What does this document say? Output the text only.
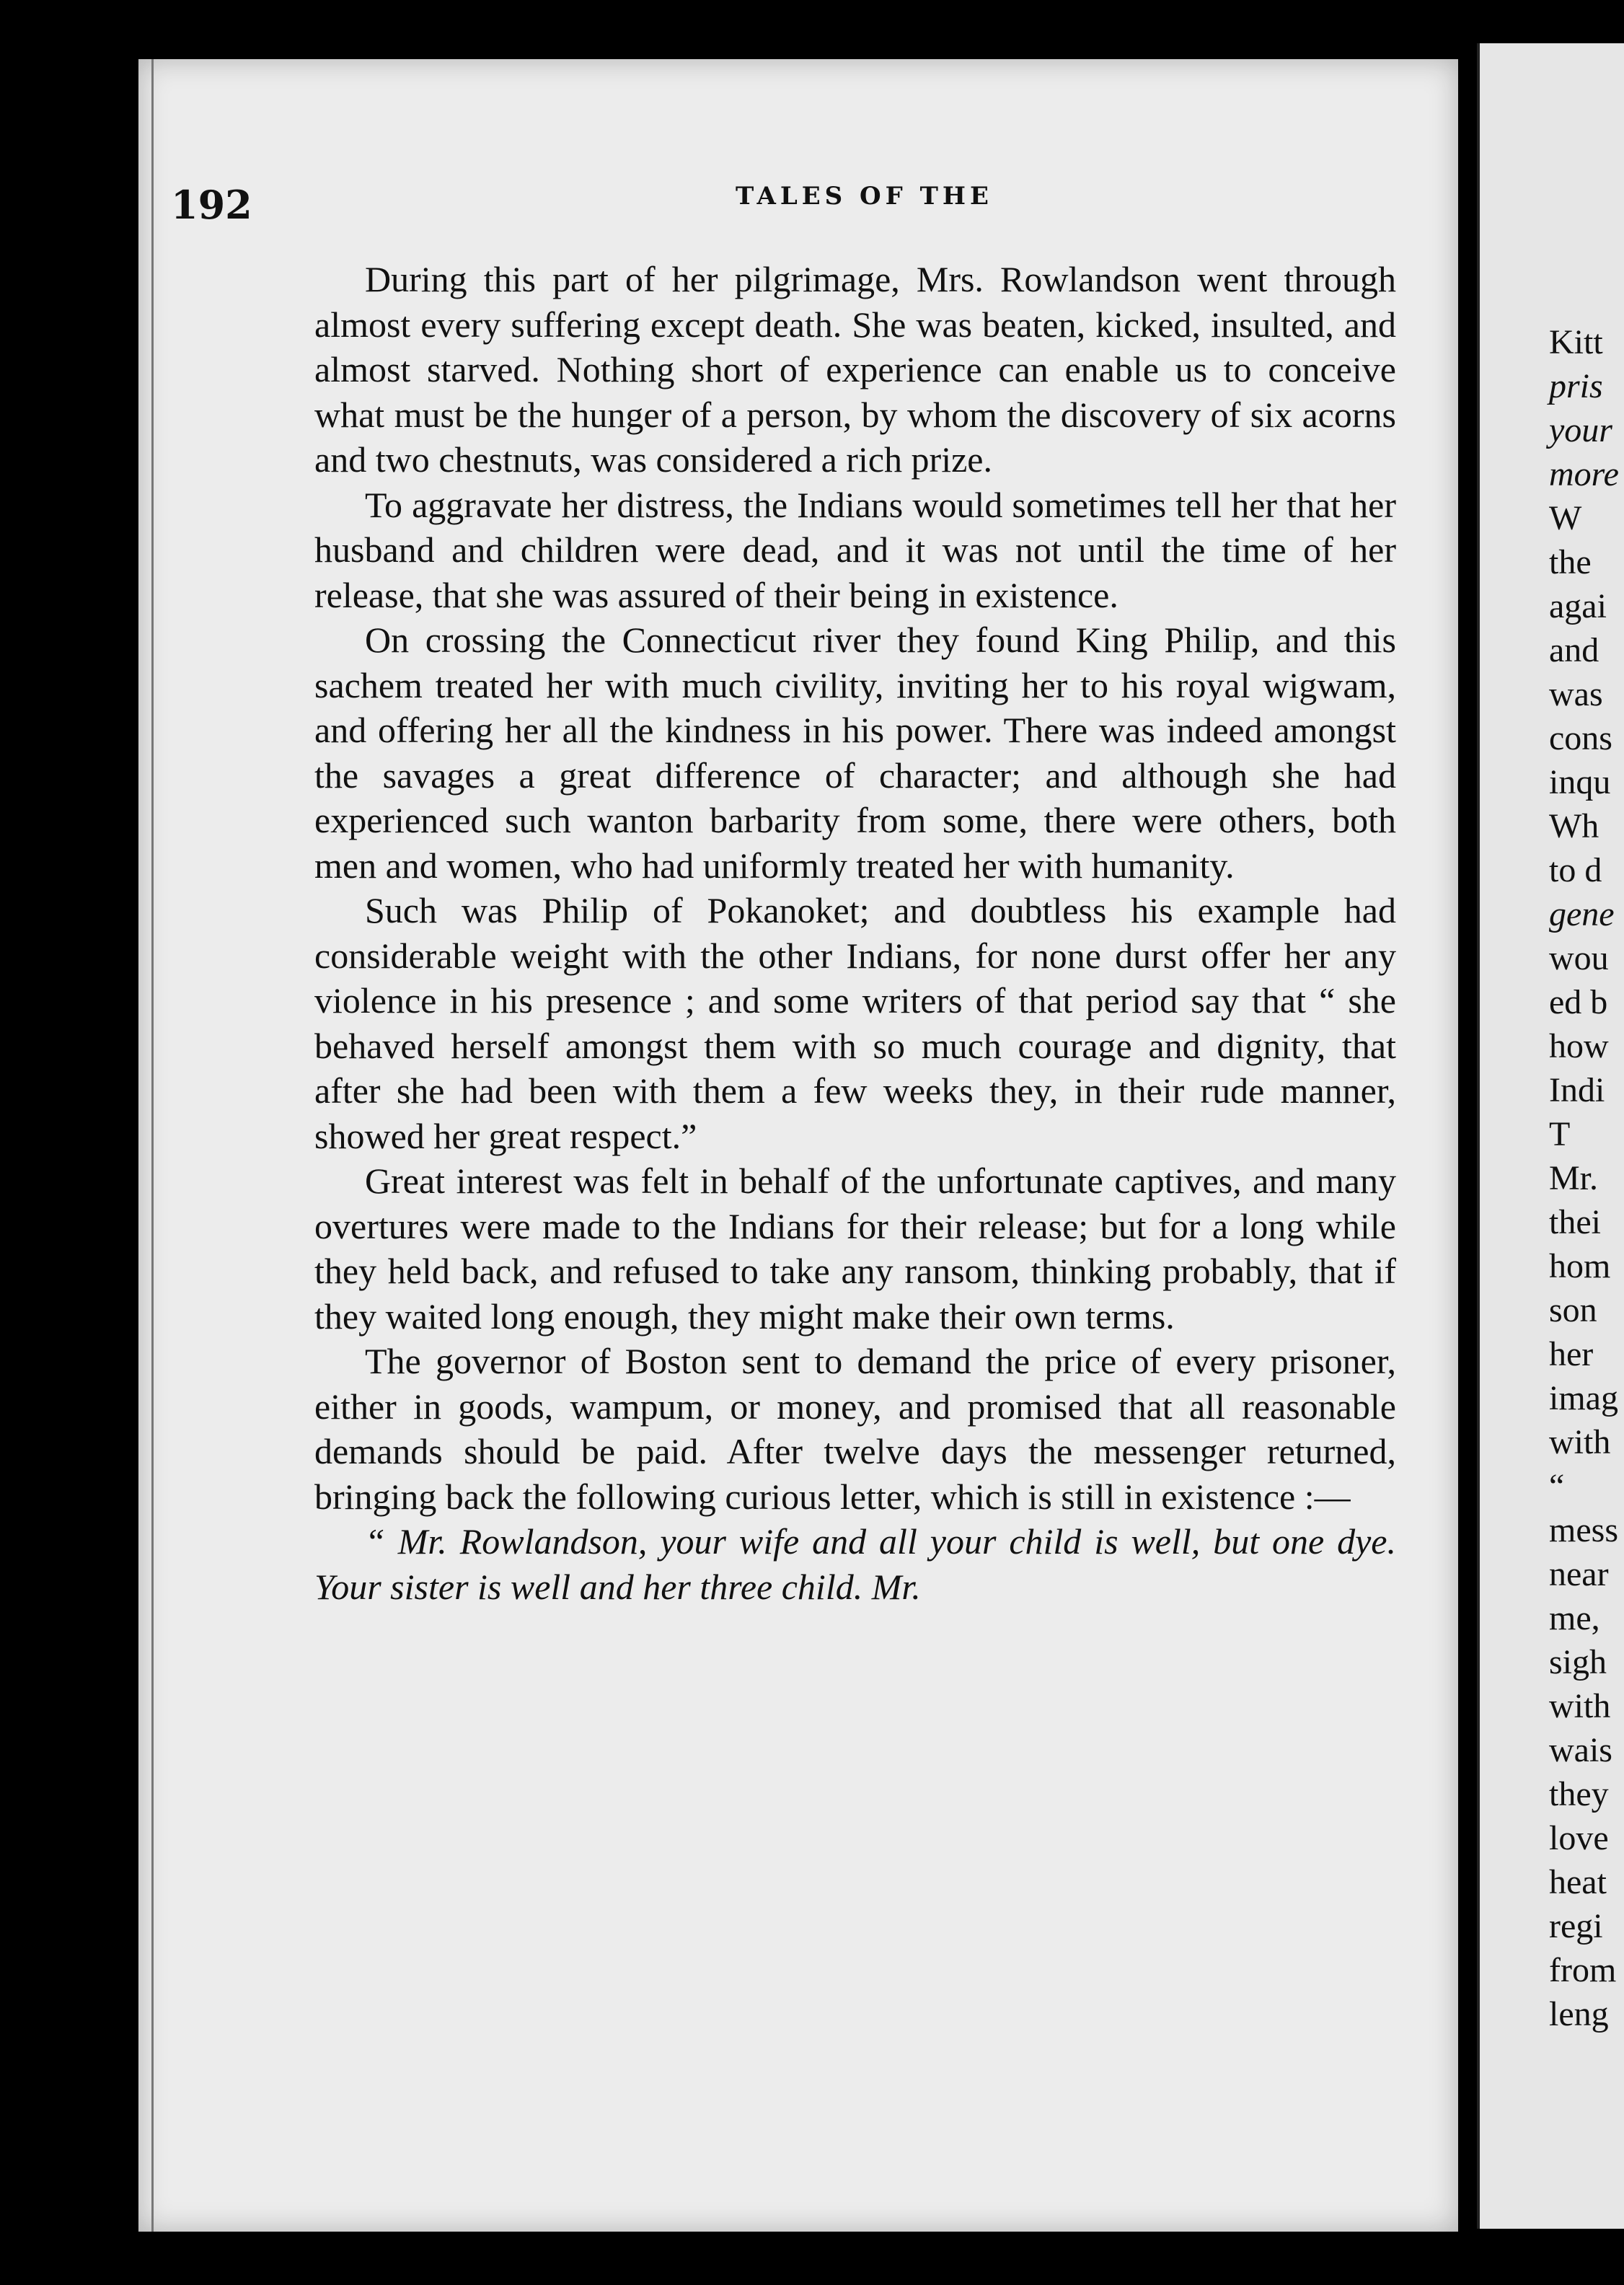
192	TALES OF THE

During this part of her pilgrimage, Mrs. Rowlandson went through almost every suffering except death. She was beaten, kicked, insulted, and almost starved. Nothing short of experience can enable us to conceive what must be the hunger of a person, by whom the discovery of six acorns and two chestnuts, was considered a rich prize.

To aggravate her distress, the Indians would sometimes tell her that her husband and children were dead, and it was not until the time of her release, that she was assured of their being in existence.

On crossing the Connecticut river they found King Philip, and this sachem treated her with much civility, inviting her to his royal wigwam, and offering her all the kindness in his power. There was indeed amongst the savages a great difference of character; and although she had experienced such wanton barbarity from some, there were others, both men and women, who had uniformly treated her with humanity.

Such was Philip of Pokanoket; and doubtless his example had considerable weight with the other Indians, for none durst offer her any violence in his presence ; and some writers of that period say that “ she behaved herself amongst them with so much courage and dignity, that after she had been with them a few weeks they, in their rude manner, showed her great respect.”

Great interest was felt in behalf of the unfortunate captives, and many overtures were made to the Indians for their release; but for a long while they held back, and refused to take any ransom, thinking probably, that if they waited long enough, they might make their own terms.

The governor of Boston sent to demand the price of every prisoner, either in goods, wampum, or money, and promised that all reasonable demands should be paid. After twelve days the messenger returned, bringing back the following curious letter, which is still in existence :—

“ Mr. Rowlandson, your wife and all your child is well, but one dye. Your sister is well and her three child. Mr.

Kitt
pris
your
more
W
the
agai
and
was
cons
inqu
Wh
to d
gene
wou
ed b
how
Indi
T
Mr.
thei
hom
son
her
imag
with
“
mess
near
me,
sigh
with
wais
they
love
heat
regi
from
leng
